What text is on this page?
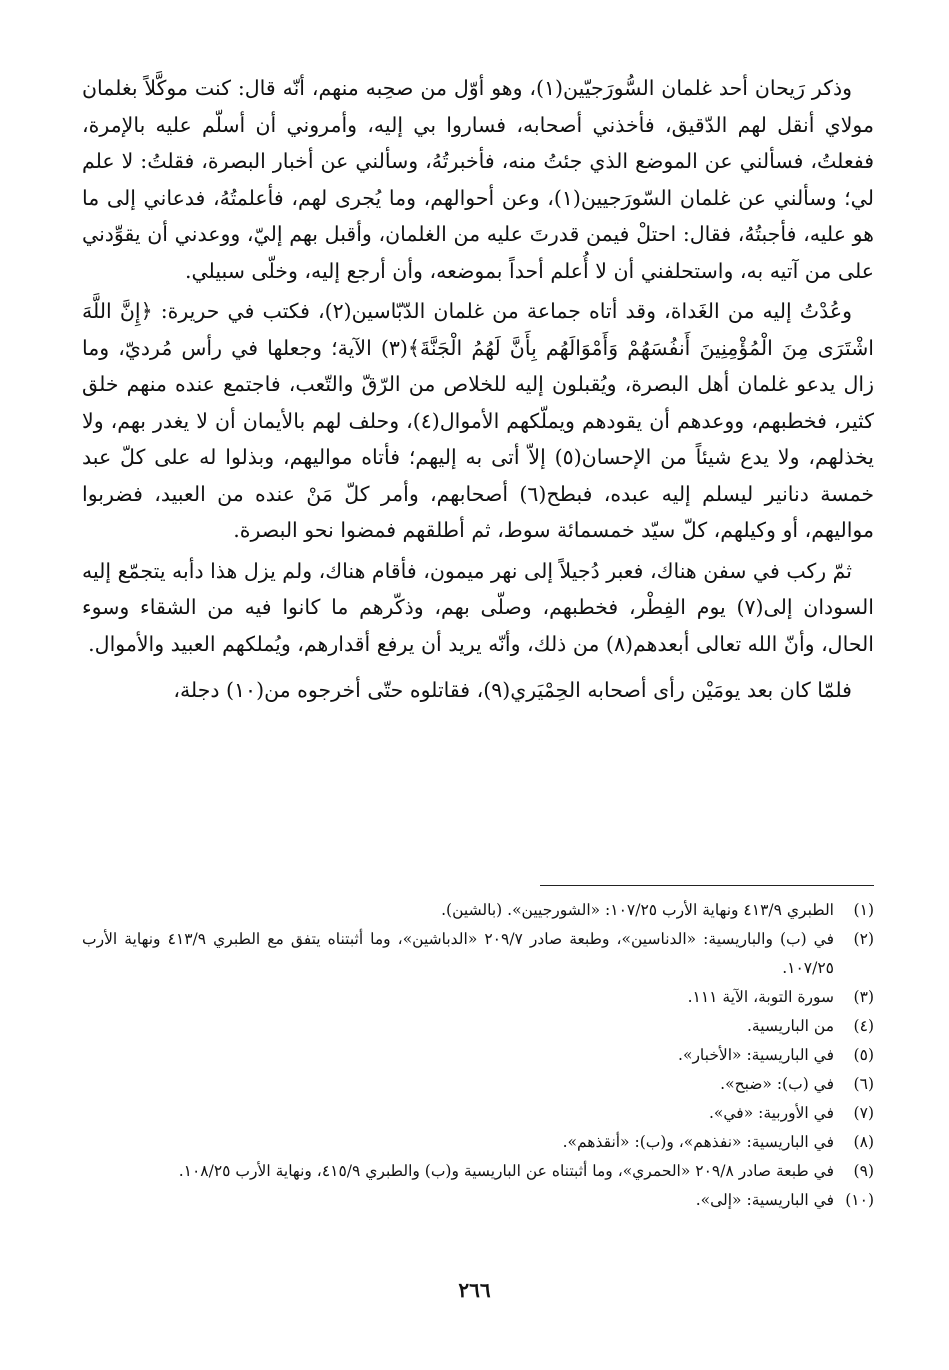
وذكر رَيحان أحد غلمان السُّورَجيّين(١)، وهو أوّل من صحِبه منهم، أنّه قال: كنت موكَّلاً بغلمان مولاي أنقل لهم الدّقيق، فأخذني أصحابه، فساروا بي إليه، وأمروني أن أسلّم عليه بالإمرة، ففعلتُ، فسألني عن الموضع الذي جئتُ منه، فأخبرتُهُ، وسألني عن أخبار البصرة، فقلتُ: لا علم لي؛ وسألني عن غلمان السّورَجيين(١)، وعن أحوالهم، وما يُجرى لهم، فأعلمتُهُ، فدعاني إلى ما هو عليه، فأجبتُهُ، فقال: احتلْ فيمن قدرتَ عليه من الغلمان، وأقبل بهم إليّ، ووعدني أن يقوِّدني على من آتيه به، واستحلفني أن لا أُعلم أحداً بموضعه، وأن أرجع إليه، وخلّى سبيلي.

وعُدْتُ إليه من الغَداة، وقد أتاه جماعة من غلمان الدّبّاسين(٢)، فكتب في حريرة: ﴿إِنَّ اللَّهَ اشْتَرَى مِنَ الْمُؤْمِنِينَ أَنفُسَهُمْ وَأَمْوَالَهُم بِأَنَّ لَهُمُ الْجَنَّةَ﴾(٣) الآية؛ وجعلها في رأس مُرديّ، وما زال يدعو غلمان أهل البصرة، ويُقبلون إليه للخلاص من الرّقّ والتّعب، فاجتمع عنده منهم خلق كثير، فخطبهم، ووعدهم أن يقودهم ويملّكهم الأموال(٤)، وحلف لهم بالأيمان أن لا يغدر بهم، ولا يخذلهم، ولا يدع شيئاً من الإحسان(٥) إلاّ أتى به إليهم؛ فأتاه مواليهم، وبذلوا له على كلّ عبد خمسة دنانير ليسلم إليه عبده، فبطح(٦) أصحابهم، وأمر كلّ مَنْ عنده من العبيد، فضربوا مواليهم، أو وكيلهم، كلّ سيّد خمسمائة سوط، ثم أطلقهم فمضوا نحو البصرة.

ثمّ ركب في سفن هناك، فعبر دُجيلاً إلى نهر ميمون، فأقام هناك، ولم يزل هذا دأبه يتجمّع إليه السودان إلى(٧) يوم الفِطْر، فخطبهم، وصلّى بهم، وذكّرهم ما كانوا فيه من الشقاء وسوء الحال، وأنّ الله تعالى أبعدهم(٨) من ذلك، وأنّه يريد أن يرفع أقدارهم، ويُملكهم العبيد والأموال.

فلمّا كان بعد يومَيْن رأى أصحابه الحِمْيَري(٩)، فقاتلوه حتّى أخرجوه من(١٠) دجلة،

(١)
الطبري ٤١٣/٩ ونهاية الأرب ١٠٧/٢٥: «الشورجيين». (بالشين).
(٢)
في (ب) والباريسية: «الدناسين»، وطبعة صادر ٢٠٩/٧ «الدباشين»، وما أثبتناه يتفق مع الطبري ٤١٣/٩ ونهاية الأرب ١٠٧/٢٥.
(٣)
سورة التوبة، الآية ١١١.
(٤)
من الباريسية.
(٥)
في الباريسية: «الأخبار».
(٦)
في (ب): «ضبح».
(٧)
في الأوربية: «في».
(٨)
في الباريسية: «نفذهم»، و(ب): «أنقذهم».
(٩)
في طبعة صادر ٢٠٩/٨ «الحمري»، وما أثبتناه عن الباريسية و(ب) والطبري ٤١٥/٩، ونهاية الأرب ١٠٨/٢٥.
(١٠)
في الباريسية: «إلى».
٢٦٦
